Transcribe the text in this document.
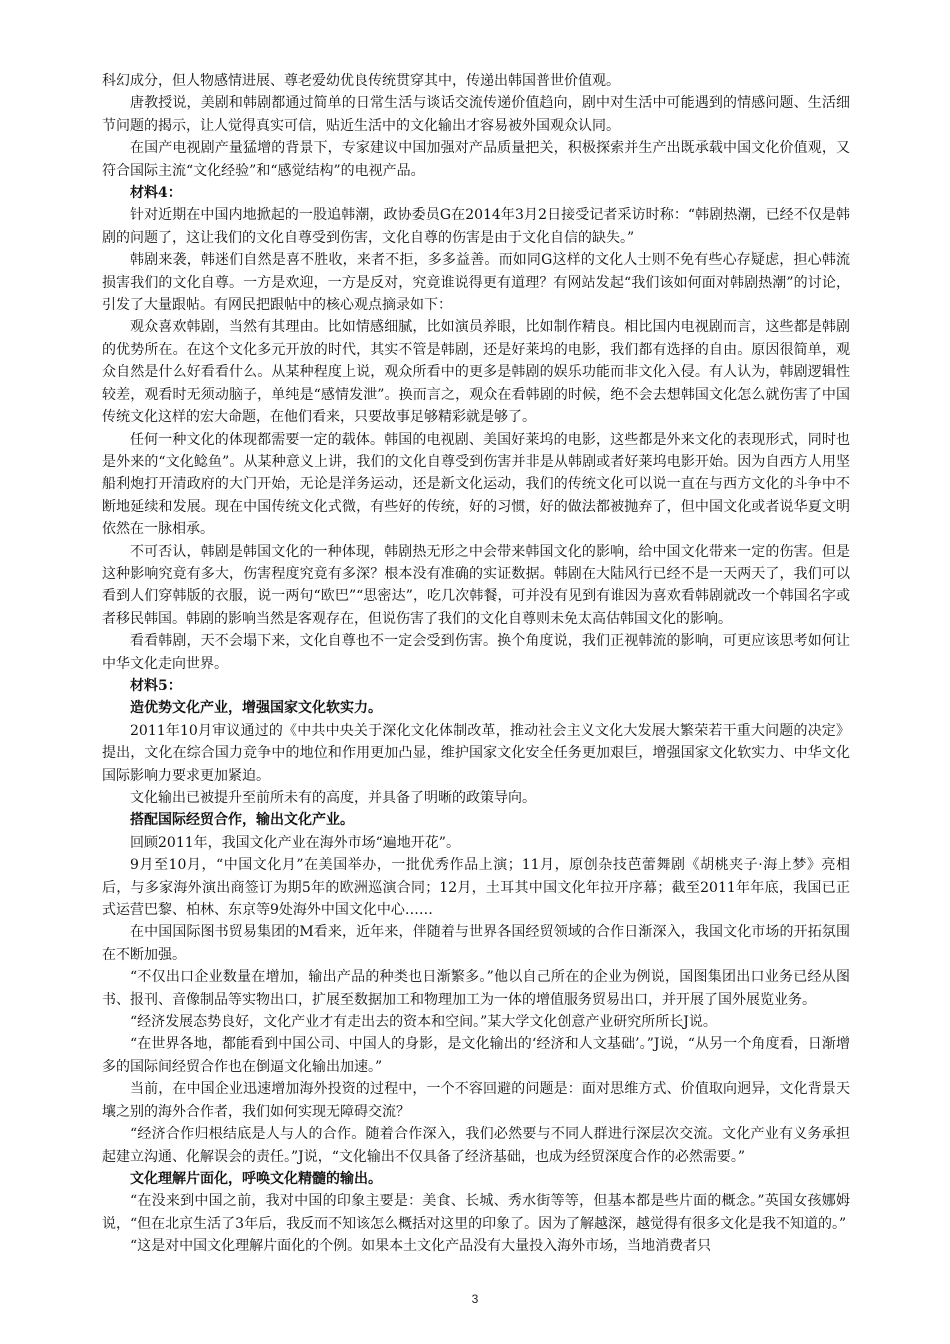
科幻成分，但人物感情进展、尊老爱幼优良传统贯穿其中，传递出韩国普世价值观。

唐教授说，美剧和韩剧都通过简单的日常生活与谈话交流传递价值趋向，剧中对生活中可能遇到的情感问题、生活细节问题的揭示，让人觉得真实可信，贴近生活中的文化输出才容易被外国观众认同。

在国产电视剧产量猛增的背景下，专家建议中国加强对产品质量把关，积极探索并生产出既承载中国文化价值观，又符合国际主流“文化经验”和“感觉结构”的电视产品。

材料4：

针对近期在中国内地掀起的一股追韩潮，政协委员G在2014年3月2日接受记者采访时称：“韩剧热潮，已经不仅是韩剧的问题了，这让我们的文化自尊受到伤害，文化自尊的伤害是由于文化自信的缺失。”

韩剧来袭，韩迷们自然是喜不胜收，来者不拒，多多益善。而如同G这样的文化人士则不免有些心存疑虑，担心韩流损害我们的文化自尊。一方是欢迎，一方是反对，究竟谁说得更有道理？有网站发起“我们该如何面对韩剧热潮”的讨论，引发了大量跟帖。有网民把跟帖中的核心观点摘录如下：

观众喜欢韩剧，当然有其理由。比如情感细腻，比如演员养眼，比如制作精良。相比国内电视剧而言，这些都是韩剧的优势所在。在这个文化多元开放的时代，其实不管是韩剧，还是好莱坞的电影，我们都有选择的自由。原因很简单，观众自然是什么好看看什么。从某种程度上说，观众所看中的更多是韩剧的娱乐功能而非文化入侵。有人认为，韩剧逻辑性较差，观看时无须动脑子，单纯是“感情发泄”。换而言之，观众在看韩剧的时候，绝不会去想韩国文化怎么就伤害了中国传统文化这样的宏大命题，在他们看来，只要故事足够精彩就是够了。

任何一种文化的体现都需要一定的载体。韩国的电视剧、美国好莱坞的电影，这些都是外来文化的表现形式，同时也是外来的“文化鲶鱼”。从某种意义上讲，我们的文化自尊受到伤害并非是从韩剧或者好莱坞电影开始。因为自西方人用坚船利炮打开清政府的大门开始，无论是洋务运动，还是新文化运动，我们的传统文化可以说一直在与西方文化的斗争中不断地延续和发展。现在中国传统文化式微，有些好的传统，好的习惯，好的做法都被抛弃了，但中国文化或者说华夏文明依然在一脉相承。

不可否认，韩剧是韩国文化的一种体现，韩剧热无形之中会带来韩国文化的影响，给中国文化带来一定的伤害。但是这种影响究竟有多大，伤害程度究竟有多深？根本没有准确的实证数据。韩剧在大陆风行已经不是一天两天了，我们可以看到人们穿韩版的衣服，说一两句“欧巴”“思密达”，吃几次韩餐，可并没有见到有谁因为喜欢看韩剧就改一个韩国名字或者移民韩国。韩剧的影响当然是客观存在，但说伤害了我们的文化自尊则未免太高估韩国文化的影响。

看看韩剧，天不会塌下来，文化自尊也不一定会受到伤害。换个角度说，我们正视韩流的影响，可更应该思考如何让中华文化走向世界。

材料5：

造优势文化产业，增强国家文化软实力。

2011年10月审议通过的《中共中央关于深化文化体制改革，推动社会主义文化大发展大繁荣若干重大问题的决定》提出，文化在综合国力竞争中的地位和作用更加凸显，维护国家文化安全任务更加艰巨，增强国家文化软实力、中华文化国际影响力要求更加紧迫。

文化输出已被提升至前所未有的高度，并具备了明晰的政策导向。

搭配国际经贸合作，输出文化产业。

回顾2011年，我国文化产业在海外市场“遍地开花”。

9月至10月，“中国文化月”在美国举办，一批优秀作品上演；11月，原创杂技芭蕾舞剧《胡桃夹子·海上梦》亮相后，与多家海外演出商签订为期5年的欧洲巡演合同；12月，土耳其中国文化年拉开序幕；截至2011年年底，我国已正式运营巴黎、柏林、东京等9处海外中国文化中心……

在中国国际图书贸易集团的M看来，近年来，伴随着与世界各国经贸领域的合作日渐深入，我国文化市场的开拓氛围在不断加强。

“不仅出口企业数量在增加，输出产品的种类也日渐繁多。”他以自己所在的企业为例说，国图集团出口业务已经从图书、报刊、音像制品等实物出口，扩展至数据加工和物理加工为一体的增值服务贸易出口，并开展了国外展览业务。

“经济发展态势良好，文化产业才有走出去的资本和空间。”某大学文化创意产业研究所所长J说。

“在世界各地，都能看到中国公司、中国人的身影，是文化输出的‘经济和人文基础’。”J说，“从另一个角度看，日渐增多的国际间经贸合作也在倒逼文化输出加速。”

当前，在中国企业迅速增加海外投资的过程中，一个不容回避的问题是：面对思维方式、价值取向迥异，文化背景天壤之别的海外合作者，我们如何实现无障碍交流？

“经济合作归根结底是人与人的合作。随着合作深入，我们必然要与不同人群进行深层次交流。文化产业有义务承担起建立沟通、化解误会的责任。”J说，“文化输出不仅具备了经济基础，也成为经贸深度合作的必然需要。”

文化理解片面化，呼唤文化精髓的输出。

“在没来到中国之前，我对中国的印象主要是：美食、长城、秀水街等等，但基本都是些片面的概念。”英国女孩娜姆说，“但在北京生活了3年后，我反而不知该怎么概括对这里的印象了。因为了解越深，越觉得有很多文化是我不知道的。”

“这是对中国文化理解片面化的个例。如果本土文化产品没有大量投入海外市场，当地消费者只

3
